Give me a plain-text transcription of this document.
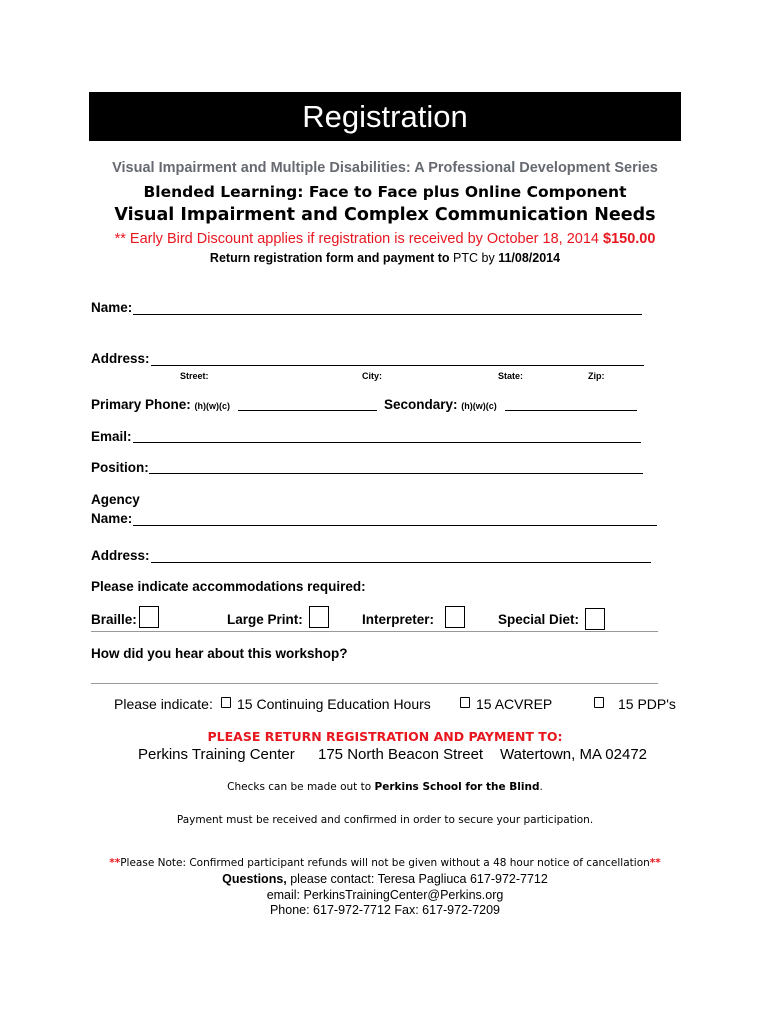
Registration
Visual Impairment and Multiple Disabilities: A Professional Development Series
Blended Learning: Face to Face plus Online Component
Visual Impairment and Complex Communication Needs
** Early Bird Discount applies if registration is received by October 18, 2014 $150.00
Return registration form and payment to PTC by 11/08/2014
Name:
Address:
Street:	City:	State:	Zip:
Primary Phone: (h)(w)(c)	Secondary: (h)(w)(c)
Email:
Position:
Agency
Name:
Address:
Please indicate accommodations required:
Braille:	Large Print:	Interpreter:	Special Diet:
How did you hear about this workshop?
Please indicate:	15 Continuing Education Hours	15 ACVREP	15 PDP's
PLEASE RETURN REGISTRATION AND PAYMENT TO:
Perkins Training Center 175 North Beacon Street Watertown, MA 02472
Checks can be made out to Perkins School for the Blind.
Payment must be received and confirmed in order to secure your participation.
**Please Note: Confirmed participant refunds will not be given without a 48 hour notice of cancellation**
Questions, please contact: Teresa Pagliuca 617-972-7712
email: PerkinsTrainingCenter@Perkins.org
Phone: 617-972-7712 Fax: 617-972-7209
